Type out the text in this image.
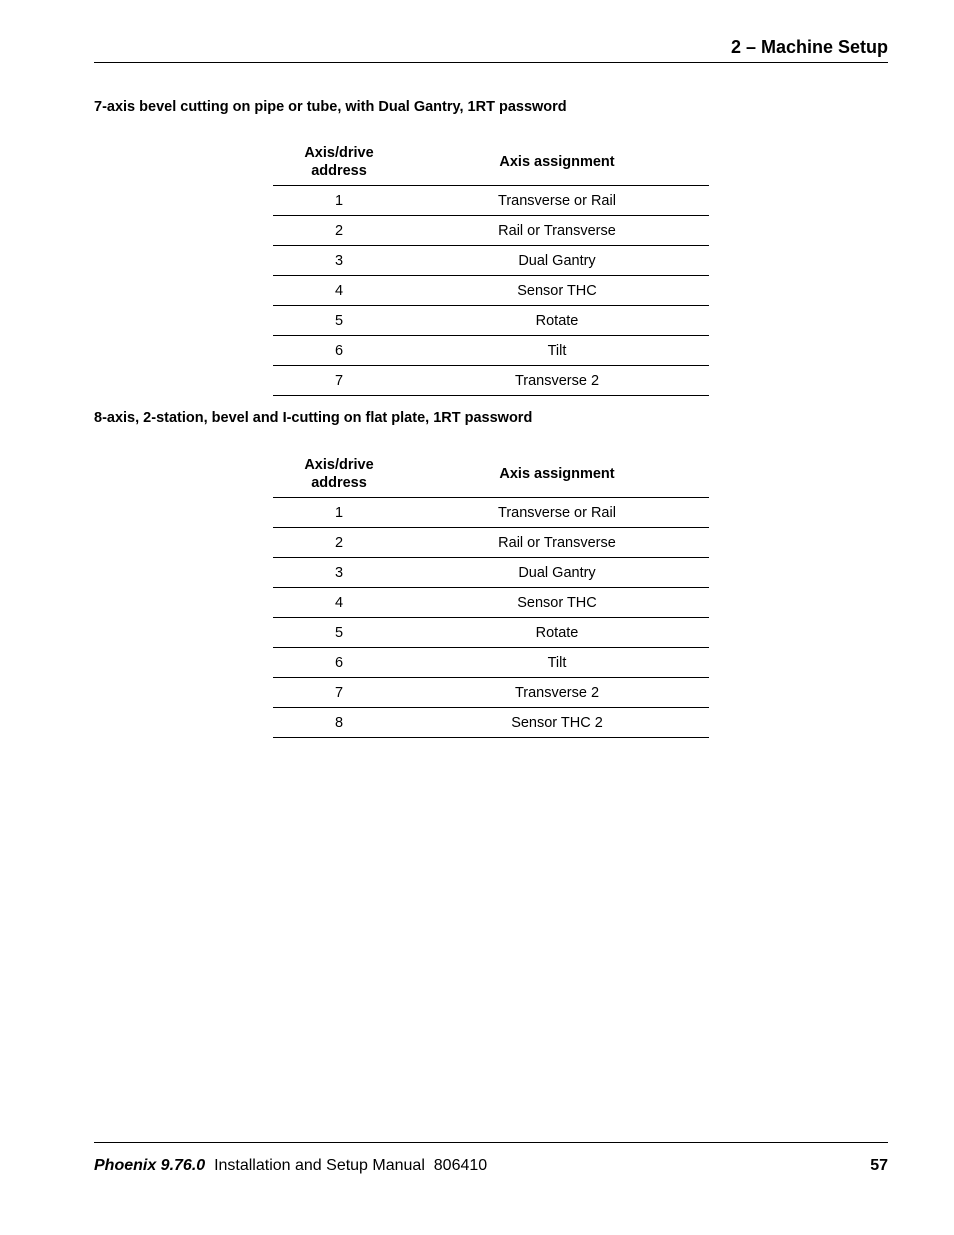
2 – Machine Setup
7-axis bevel cutting on pipe or tube, with Dual Gantry, 1RT password
Axis/drive
address	Axis assignment
1	Transverse or Rail
2	Rail or Transverse
3	Dual Gantry
4	Sensor THC
5	Rotate
6	Tilt
7	Transverse 2
8-axis, 2-station, bevel and I-cutting on flat plate, 1RT password
Axis/drive
address	Axis assignment
1	Transverse or Rail
2	Rail or Transverse
3	Dual Gantry
4	Sensor THC
5	Rotate
6	Tilt
7	Transverse 2
8	Sensor THC 2
Phoenix 9.76.0 Installation and Setup Manual 806410	57
